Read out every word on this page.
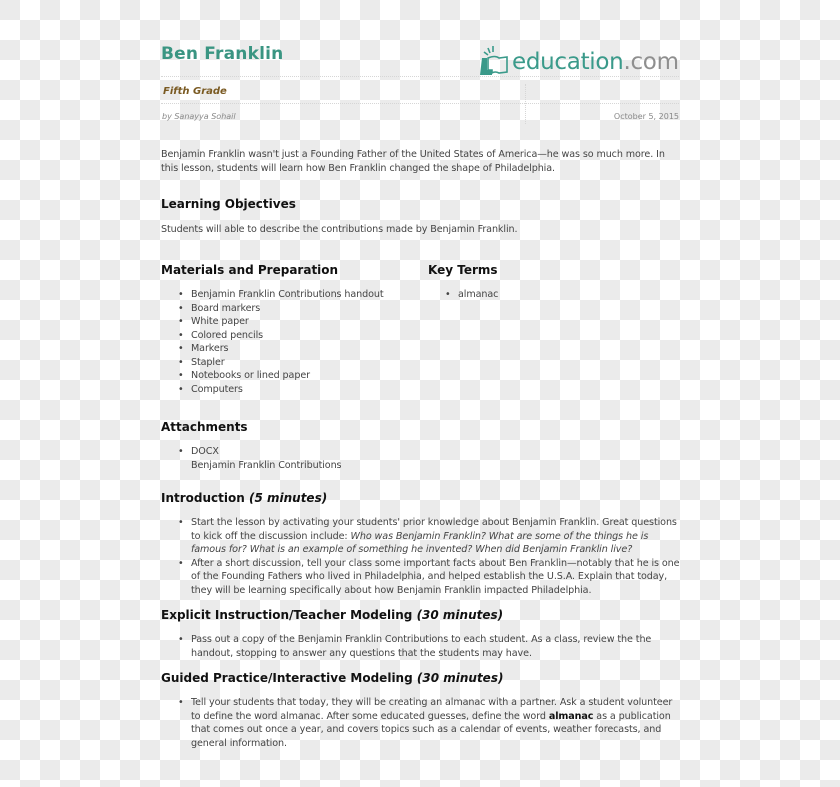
Ben Franklin	education.com
Fifth Grade
by Sanayya Sohail	October 5, 2015
Benjamin Franklin wasn't just a Founding Father of the United States of America—he was so much more. In this lesson, students will learn how Ben Franklin changed the shape of Philadelphia.
Learning Objectives
Students will able to describe the contributions made by Benjamin Franklin.
Materials and Preparation
• Benjamin Franklin Contributions handout
• Board markers
• White paper
• Colored pencils
• Markers
• Stapler
• Notebooks or lined paper
• Computers
Key Terms
• almanac
Attachments
• DOCX
Benjamin Franklin Contributions
Introduction (5 minutes)
• Start the lesson by activating your students' prior knowledge about Benjamin Franklin. Great questions to kick off the discussion include: Who was Benjamin Franklin? What are some of the things he is famous for? What is an example of something he invented? When did Benjamin Franklin live?
• After a short discussion, tell your class some important facts about Ben Franklin—notably that he is one of the Founding Fathers who lived in Philadelphia, and helped establish the U.S.A. Explain that today, they will be learning specifically about how Benjamin Franklin impacted Philadelphia.
Explicit Instruction/Teacher Modeling (30 minutes)
• Pass out a copy of the Benjamin Franklin Contributions to each student. As a class, review the the handout, stopping to answer any questions that the students may have.
Guided Practice/Interactive Modeling (30 minutes)
• Tell your students that today, they will be creating an almanac with a partner. Ask a student volunteer to define the word almanac. After some educated guesses, define the word almanac as a publication that comes out once a year, and covers topics such as a calendar of events, weather forecasts, and general information.
